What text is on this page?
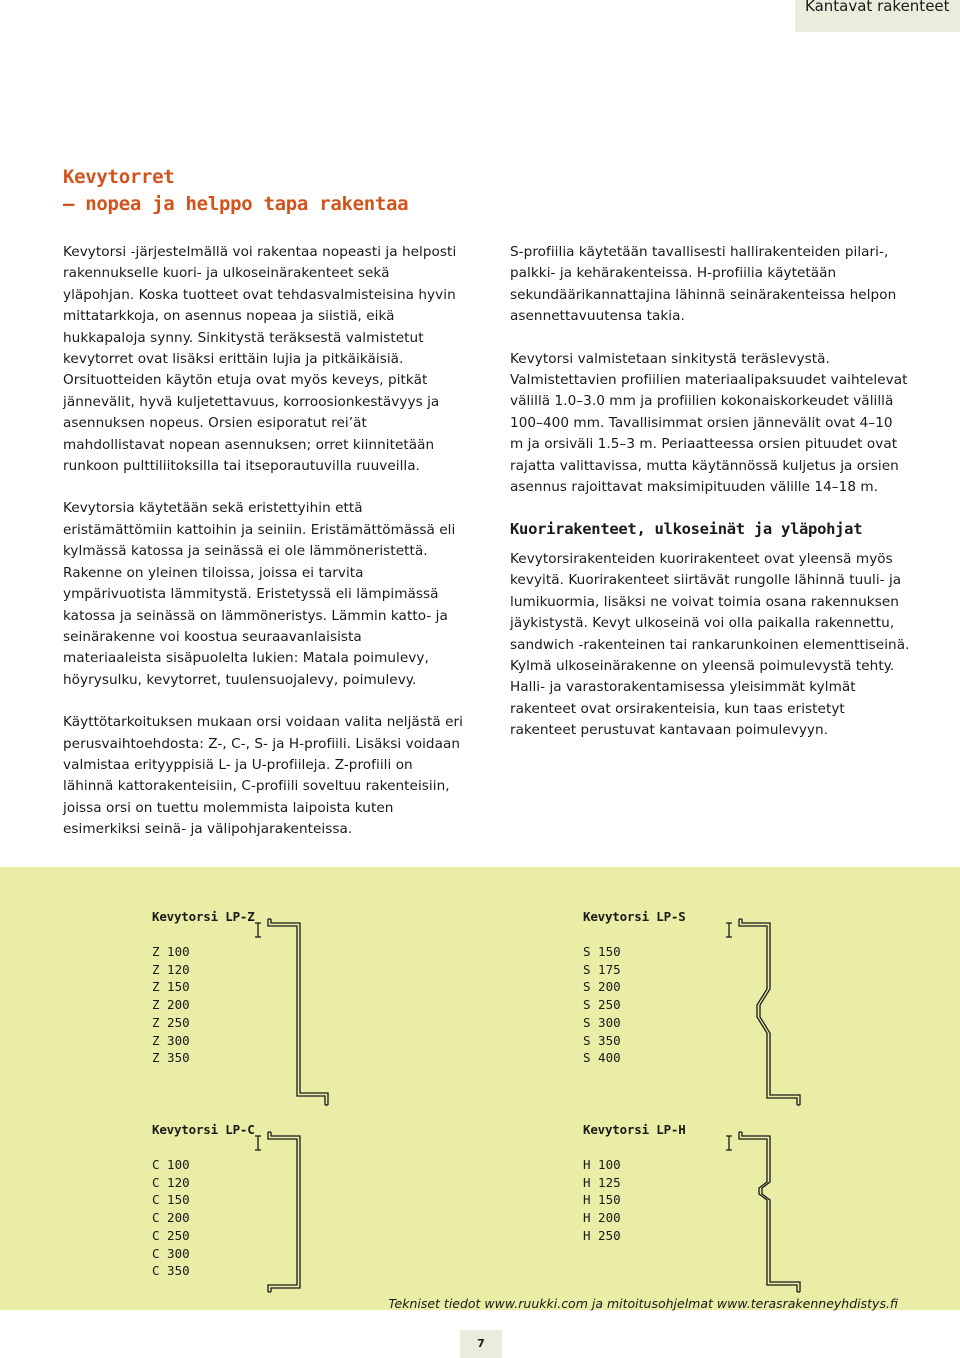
Kantavat rakenteet
Kevytorret
– nopea ja helppo tapa rakentaa

Kevytorsi -järjestelmällä voi rakentaa nopeasti ja helposti rakennukselle kuori- ja ulkoseinärakenteet sekä yläpohjan. Koska tuotteet ovat tehdasvalmisteisina hyvin mittatarkkoja, on asennus nopeaa ja siistiä, eikä hukkapaloja synny. Sinkitystä teräksestä valmistetut kevytorret ovat lisäksi erittäin lujia ja pitkäikäisiä. Orsituotteiden käytön etuja ovat myös keveys, pitkät jännevälit, hyvä kuljetettavuus, korroosionkestävyys ja asennuksen nopeus. Orsien esiporatut rei’ät mahdollistavat nopean asennuksen; orret kiinnitetään runkoon pulttiliitoksilla tai itseporautuvilla ruuveilla.

Kevytorsia käytetään sekä eristettyihin että eristämättömiin kattoihin ja seiniin. Eristämättömässä eli kylmässä katossa ja seinässä ei ole lämmöneristettä. Rakenne on yleinen tiloissa, joissa ei tarvita ympärivuotista lämmitystä. Eristetyssä eli lämpimässä katossa ja seinässä on lämmöneristys. Lämmin katto- ja seinärakenne voi koostua seuraavanlaisista materiaaleista sisäpuolelta lukien: Matala poimulevy, höyrysulku, kevytorret, tuulensuojalevy, poimulevy.

Käyttötarkoituksen mukaan orsi voidaan valita neljästä eri perusvaihtoehdosta: Z-, C-, S- ja H-profiili. Lisäksi voidaan valmistaa erityyppisiä L- ja U-profiileja. Z-profiili on lähinnä kattorakenteisiin, C-profiili soveltuu rakenteisiin, joissa orsi on tuettu molemmista laipoista kuten esimerkiksi seinä- ja välipohjarakenteissa.

S-profiilia käytetään tavallisesti hallirakenteiden pilari-, palkki- ja kehärakenteissa. H-profiilia käytetään sekundäärikannattajina lähinnä seinärakenteissa helpon asennettavuutensa takia.

Kevytorsi valmistetaan sinkitystä teräslevystä. Valmistettavien profiilien materiaalipaksuudet vaihtelevat välillä 1.0–3.0 mm ja profiilien kokonaiskorkeudet välillä 100–400 mm. Tavallisimmat orsien jännevälit ovat 4–10 m ja orsiväli 1.5–3 m. Periaatteessa orsien pituudet ovat rajatta valittavissa, mutta käytännössä kuljetus ja orsien asennus rajoittavat maksimipituuden välille 14–18 m.

Kuorirakenteet, ulkoseinät ja yläpohjat

Kevytorsirakenteiden kuorirakenteet ovat yleensä myös kevyitä. Kuorirakenteet siirtävät rungolle lähinnä tuuli- ja lumikuormia, lisäksi ne voivat toimia osana rakennuksen jäykistystä. Kevyt ulkoseinä voi olla paikalla rakennettu, sandwich -rakenteinen tai rankarunkoinen elementtiseinä. Kylmä ulkoseinärakenne on yleensä poimulevystä tehty. Halli- ja varastorakentamisessa yleisimmät kylmät rakenteet ovat orsirakenteisia, kun taas eristetyt rakenteet perustuvat kantavaan poimulevyyn.

Kevytorsi LP-Z
Z 100
Z 120
Z 150
Z 200
Z 250
Z 300
Z 350
Kevytorsi LP-S
S 150
S 175
S 200
S 250
S 300
S 350
S 400
Kevytorsi LP-C
C 100
C 120
C 150
C 200
C 250
C 300
C 350
Kevytorsi LP-H
H 100
H 125
H 150
H 200
H 250
Tekniset tiedot www.ruukki.com ja mitoitusohjelmat www.terasrakenneyhdistys.fi
7
